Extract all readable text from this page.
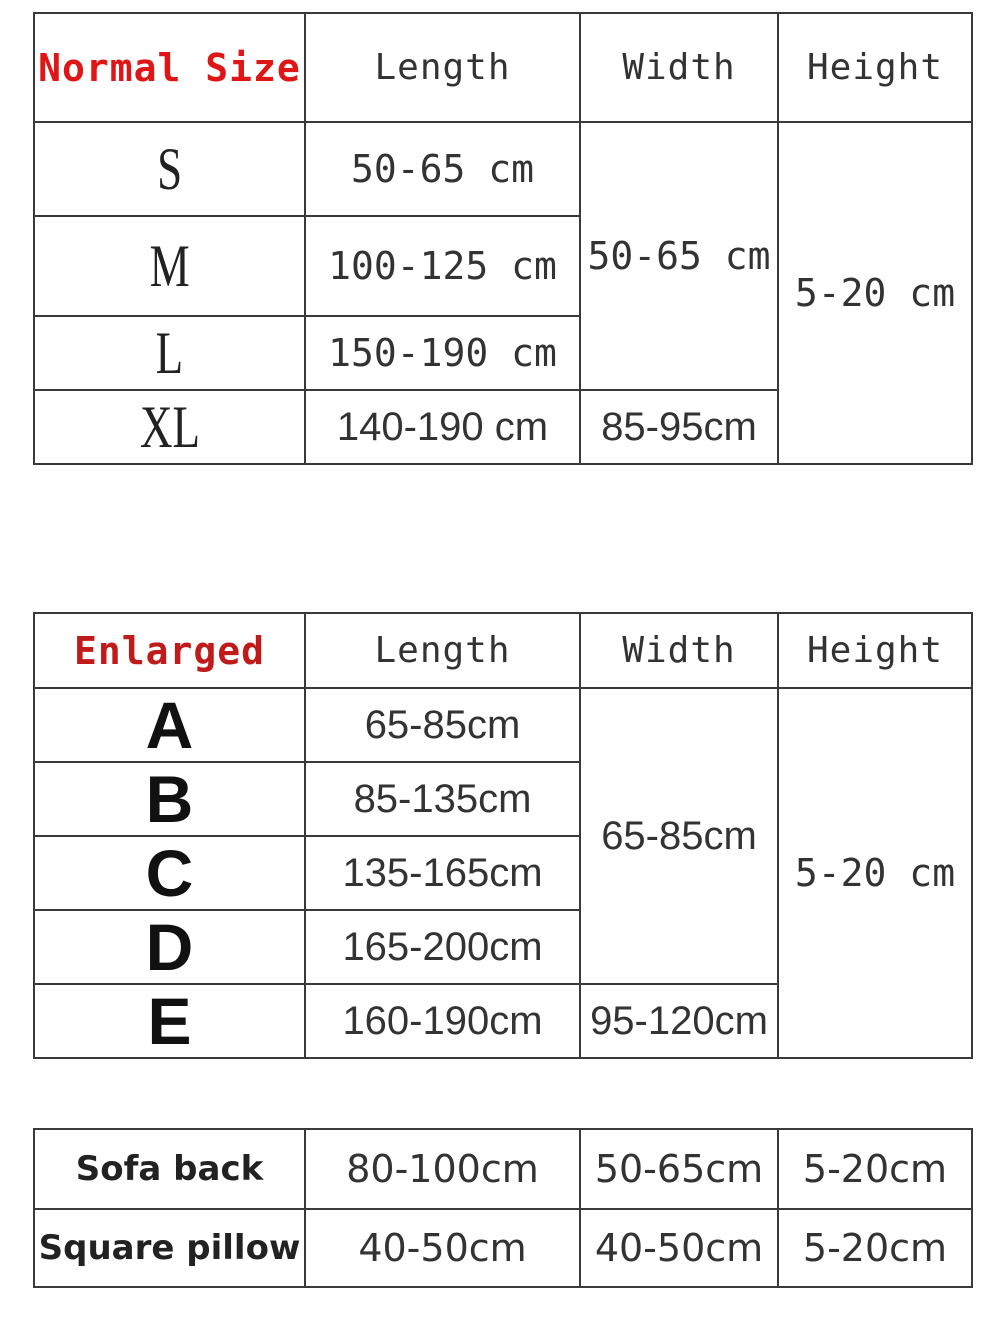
Normal Size	Length	Width	Height
S	50-65 cm	50-65 cm	5-20 cm
M	100-125 cm		
L	150-190 cm		
XL	140-190 cm	85-95cm	
Enlarged	Length	Width	Height
A	65-85cm	65-85cm	5-20 cm
B	85-135cm		
C	135-165cm		
D	165-200cm		
E	160-190cm	95-120cm	
Sofa back	80-100cm	50-65cm	5-20cm
Square pillow	40-50cm	40-50cm	5-20cm
